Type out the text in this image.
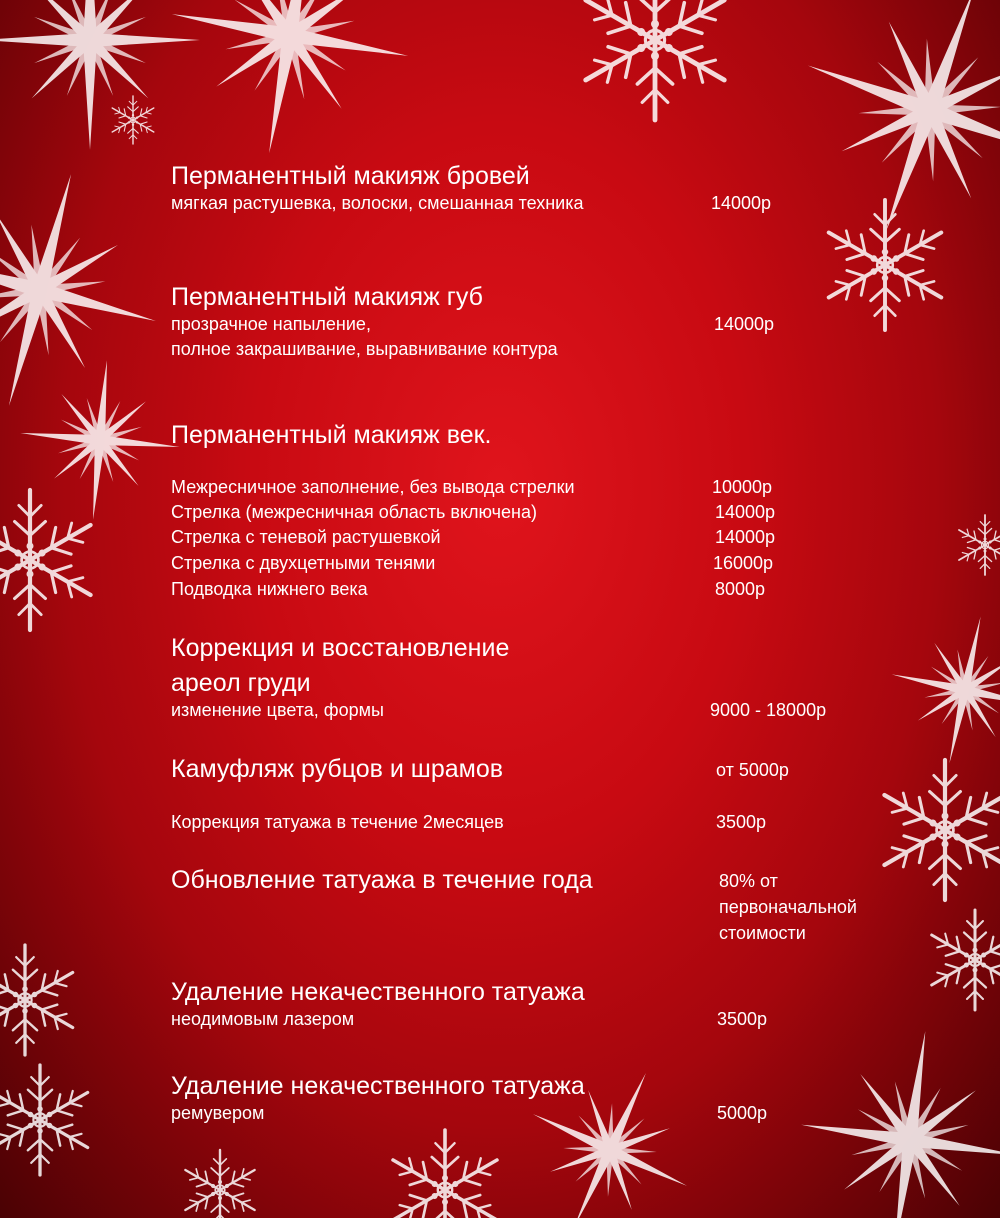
Перманентный макияж бровей
мягкая растушевка, волоски, смешанная техника	14000р
Перманентный макияж губ
прозрачное напыление,	14000р
полное закрашивание, выравнивание контура
Перманентный макияж век.
Межресничное заполнение, без вывода стрелки	10000р
Стрелка (межресничная область включена)	14000р
Стрелка с теневой растушевкой	14000р
Стрелка с двухцетными тенями	16000р
Подводка нижнего века	8000р
Коррекция и восстановление
ареол груди
изменение цвета, формы	9000 - 18000р
Камуфляж рубцов и шрамов	от 5000р
Коррекция татуажа в течение 2месяцев	3500р
Обновление татуажа в течение года	80% от
первоначальной
стоимости
Удаление некачественного татуажа
неодимовым лазером	3500р
Удаление некачественного татуажа
ремувером	5000р
